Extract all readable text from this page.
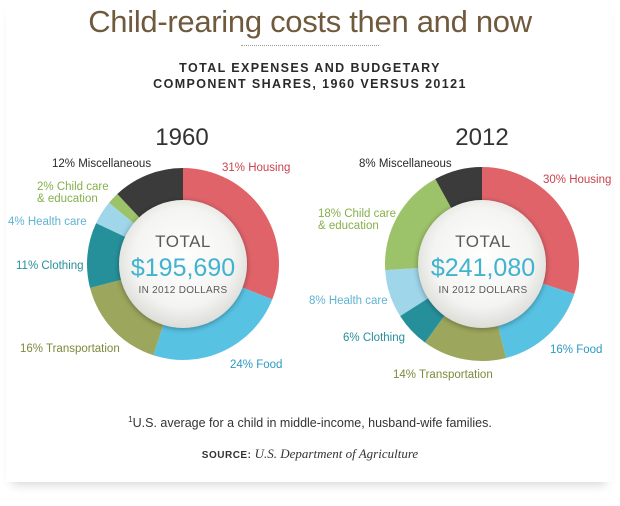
Child-rearing costs then and now
TOTAL EXPENSES AND BUDGETARY
COMPONENT SHARES, 1960 VERSUS 20121
1960	2012
TOTAL
$195,690
IN 2012 DOLLARS
TOTAL
$241,080
IN 2012 DOLLARS
31% Housing
24% Food
16% Transportation
11% Clothing
4% Health care
2% Child care
& education
12% Miscellaneous
30% Housing
16% Food
14% Transportation
6% Clothing
8% Health care
18% Child care
& education
8% Miscellaneous
$^1$U.S. average for a child in middle-income, husband-wife families.
SOURCE: U.S. Department of Agriculture
